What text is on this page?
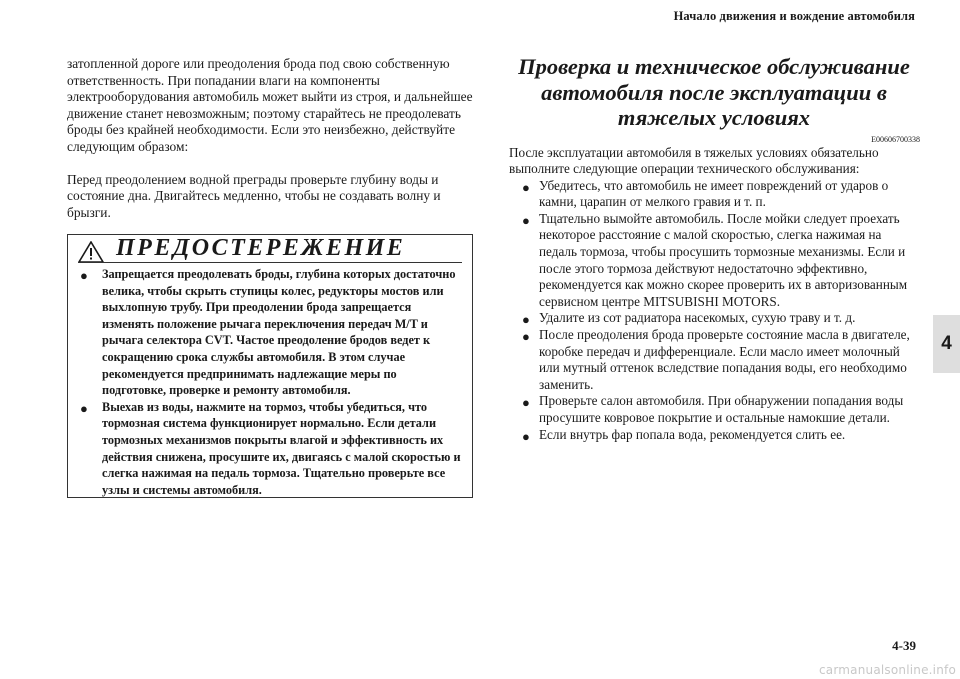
Начало движения и вождение автомобиля

затопленной дороге или преодоления брода под свою собственную ответственность. При попадании влаги на компоненты электрооборудования автомобиль может выйти из строя, и дальнейшее движение станет невозможным; поэтому старайтесь не преодолевать броды без крайней необходимости. Если это неизбежно, действуйте следующим образом:

Перед преодолением водной преграды проверьте глубину воды и состояние дна. Двигайтесь медленно, чтобы не создавать волну и брызги.

ПРЕДОСТЕРЕЖЕНИЕ
● Запрещается преодолевать броды, глубина которых достаточно велика, чтобы скрыть ступицы колес, редукторы мостов или выхлопную трубу. При преодолении брода запрещается изменять положение рычага переключения передач M/T и рычага селектора CVT. Частое преодоление бродов ведет к сокращению срока службы автомобиля. В этом случае рекомендуется предпринимать надлежащие меры по подготовке, проверке и ремонту автомобиля.
● Выехав из воды, нажмите на тормоз, чтобы убедиться, что тормозная система функционирует нормально. Если детали тормозных механизмов покрыты влагой и эффективность их действия снижена, просушите их, двигаясь с малой скоростью и слегка нажимая на педаль тормоза. Тщательно проверьте все узлы и системы автомобиля.
Проверка и техническое обслуживание автомобиля после эксплуатации в тяжелых условиях
E00606700338

После эксплуатации автомобиля в тяжелых условиях обязательно выполните следующие операции технического обслуживания:

● Убедитесь, что автомобиль не имеет повреждений от ударов о камни, царапин от мелкого гравия и т. п.
● Тщательно вымойте автомобиль. После мойки следует проехать некоторое расстояние с малой скоростью, слегка нажимая на педаль тормоза, чтобы просушить тормозные механизмы. Если и после этого тормоза действуют недостаточно эффективно, рекомендуется как можно скорее проверить их в авторизованным сервисном центре MITSUBISHI MOTORS.
● Удалите из сот радиатора насекомых, сухую траву и т. д.
● После преодоления брода проверьте состояние масла в двигателе, коробке передач и дифференциале. Если масло имеет молочный или мутный оттенок вследствие попадания воды, его необходимо заменить.
● Проверьте салон автомобиля. При обнаружении попадания воды просушите ковровое покрытие и остальные намокшие детали.
● Если внутрь фар попала вода, рекомендуется слить ее.
4
4-39
carmanualsonline.info
